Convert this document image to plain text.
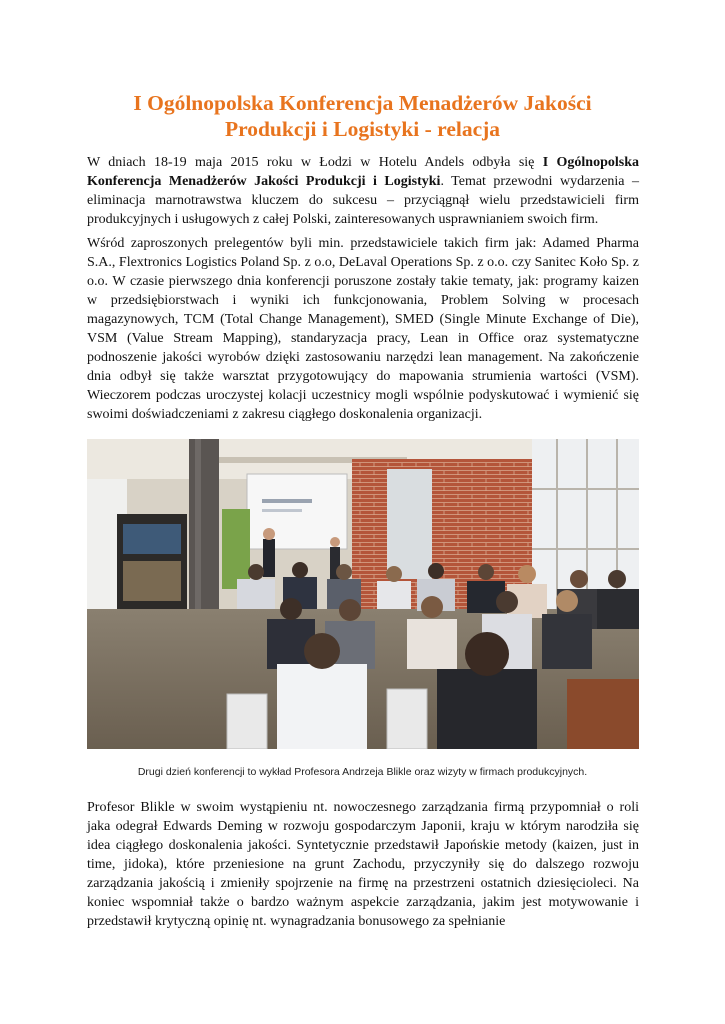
I Ogólnopolska Konferencja Menadżerów Jakości
Produkcji i Logistyki - relacja

W dniach 18-19 maja 2015 roku w Łodzi w Hotelu Andels odbyła się I Ogólnopolska Konferencja Menadżerów Jakości Produkcji i Logistyki. Temat przewodni wydarzenia – eliminacja marnotrawstwa kluczem do sukcesu – przyciągnął wielu przedstawicieli firm produkcyjnych i usługowych z całej Polski, zainteresowanych usprawnianiem swoich firm.

Wśród zaproszonych prelegentów byli min. przedstawiciele takich firm jak: Adamed Pharma S.A., Flextronics Logistics Poland Sp. z o.o, DeLaval Operations Sp. z o.o. czy Sanitec Koło Sp. z o.o. W czasie pierwszego dnia konferencji poruszone zostały takie tematy, jak: programy kaizen w przedsiębiorstwach i wyniki ich funkcjonowania, Problem Solving w procesach magazynowych, TCM (Total Change Management), SMED (Single Minute Exchange of Die), VSM (Value Stream Mapping), standaryzacja pracy, Lean in Office oraz systematyczne podnoszenie jakości wyrobów dzięki zastosowaniu narzędzi lean management. Na zakończenie dnia odbył się także warsztat przygotowujący do mapowania strumienia wartości (VSM). Wieczorem podczas uroczystej kolacji uczestnicy mogli wspólnie podyskutować i wymienić się swoimi doświadczeniami z zakresu ciągłego doskonalenia organizacji.

Drugi dzień konferencji to wykład Profesora Andrzeja Blikle oraz wizyty w firmach produkcyjnych.

Profesor Blikle w swoim wystąpieniu nt. nowoczesnego zarządzania firmą przypomniał o roli jaka odegrał Edwards Deming w rozwoju gospodarczym Japonii, kraju w którym narodziła się idea ciągłego doskonalenia jakości. Syntetycznie przedstawił Japońskie metody (kaizen, just in time, jidoka), które przeniesione na grunt Zachodu, przyczyniły się do dalszego rozwoju zarządzania jakością i zmieniły spojrzenie na firmę na przestrzeni ostatnich dziesięcioleci. Na koniec wspomniał także o bardzo ważnym aspekcie zarządzania, jakim jest motywowanie i przedstawił krytyczną opinię nt. wynagradzania bonusowego za spełnianie
